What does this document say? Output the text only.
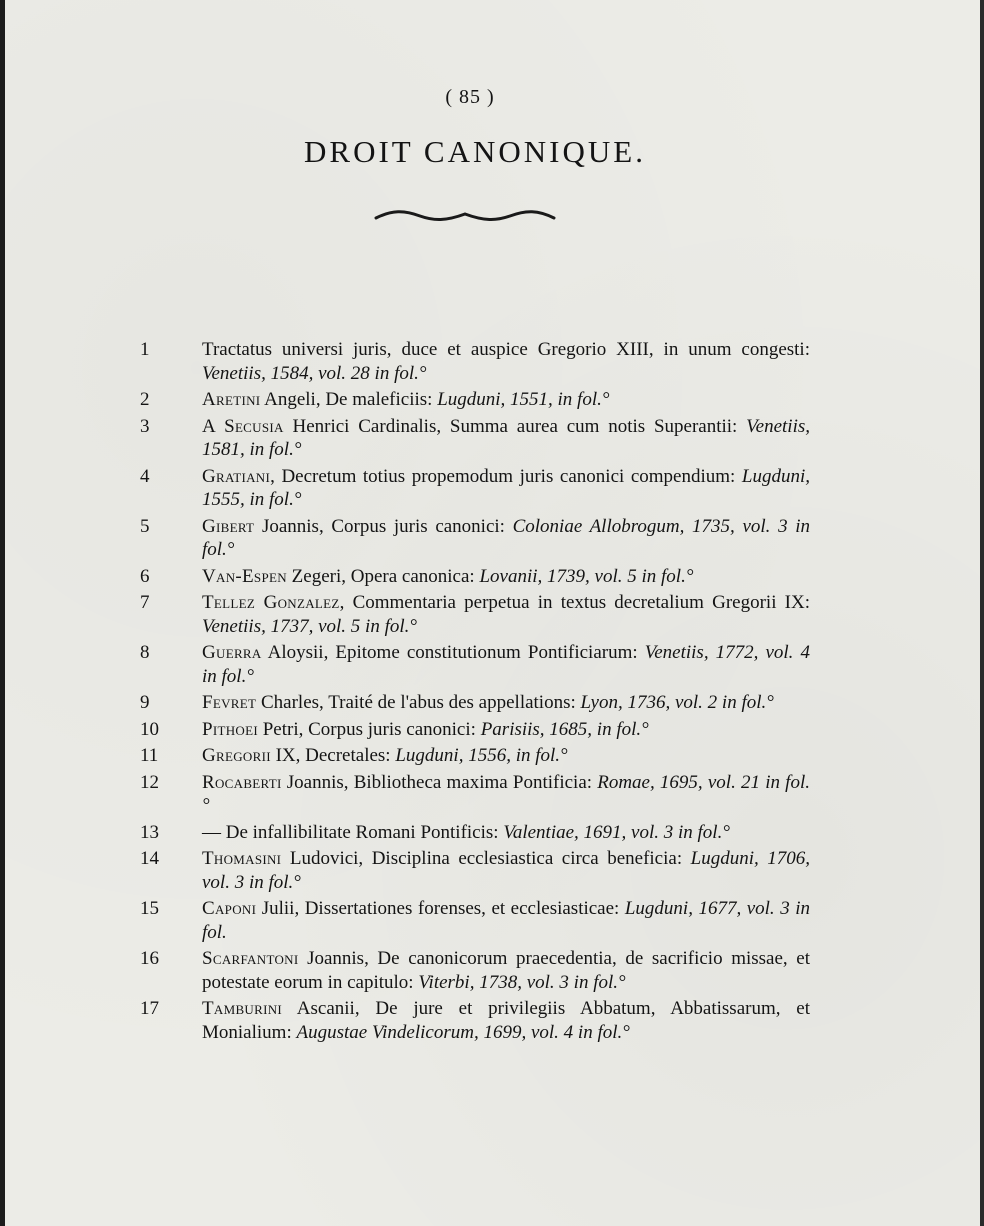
( 85 )
DROIT CANONIQUE.
1	Tractatus universi juris, duce et auspice Gregorio XIII, in unum congesti: Venetiis, 1584, vol. 28 in fol.°
2	Aretini Angeli, De maleficiis: Lugduni, 1551, in fol.°
3	A Secusia Henrici Cardinalis, Summa aurea cum notis Superantii: Venetiis, 1581, in fol.°
4	Gratiani, Decretum totius propemodum juris canonici compendium: Lugduni, 1555, in fol.°
5	Gibert Joannis, Corpus juris canonici: Coloniae Allobrogum, 1735, vol. 3 in fol.°
6	Van-Espen Zegeri, Opera canonica: Lovanii, 1739, vol. 5 in fol.°
7	Tellez Gonzalez, Commentaria perpetua in textus decretalium Gregorii IX: Venetiis, 1737, vol. 5 in fol.°
8	Guerra Aloysii, Epitome constitutionum Pontificiarum: Venetiis, 1772, vol. 4 in fol.°
9	Fevret Charles, Traité de l'abus des appellations: Lyon, 1736, vol. 2 in fol.°
10	Pithoei Petri, Corpus juris canonici: Parisiis, 1685, in fol.°
11	Gregorii IX, Decretales: Lugduni, 1556, in fol.°
12	Rocaberti Joannis, Bibliotheca maxima Pontificia: Romae, 1695, vol. 21 in fol.°
13	— De infallibilitate Romani Pontificis: Valentiae, 1691, vol. 3 in fol.°
14	Thomasini Ludovici, Disciplina ecclesiastica circa beneficia: Lugduni, 1706, vol. 3 in fol.°
15	Caponi Julii, Dissertationes forenses, et ecclesiasticae: Lugduni, 1677, vol. 3 in fol.
16	Scarfantoni Joannis, De canonicorum praecedentia, de sacrificio missae, et potestate eorum in capitulo: Viterbi, 1738, vol. 3 in fol.°
17	Tamburini Ascanii, De jure et privilegiis Abbatum, Abbatissarum, et Monialium: Augustae Vindelicorum, 1699, vol. 4 in fol.°
